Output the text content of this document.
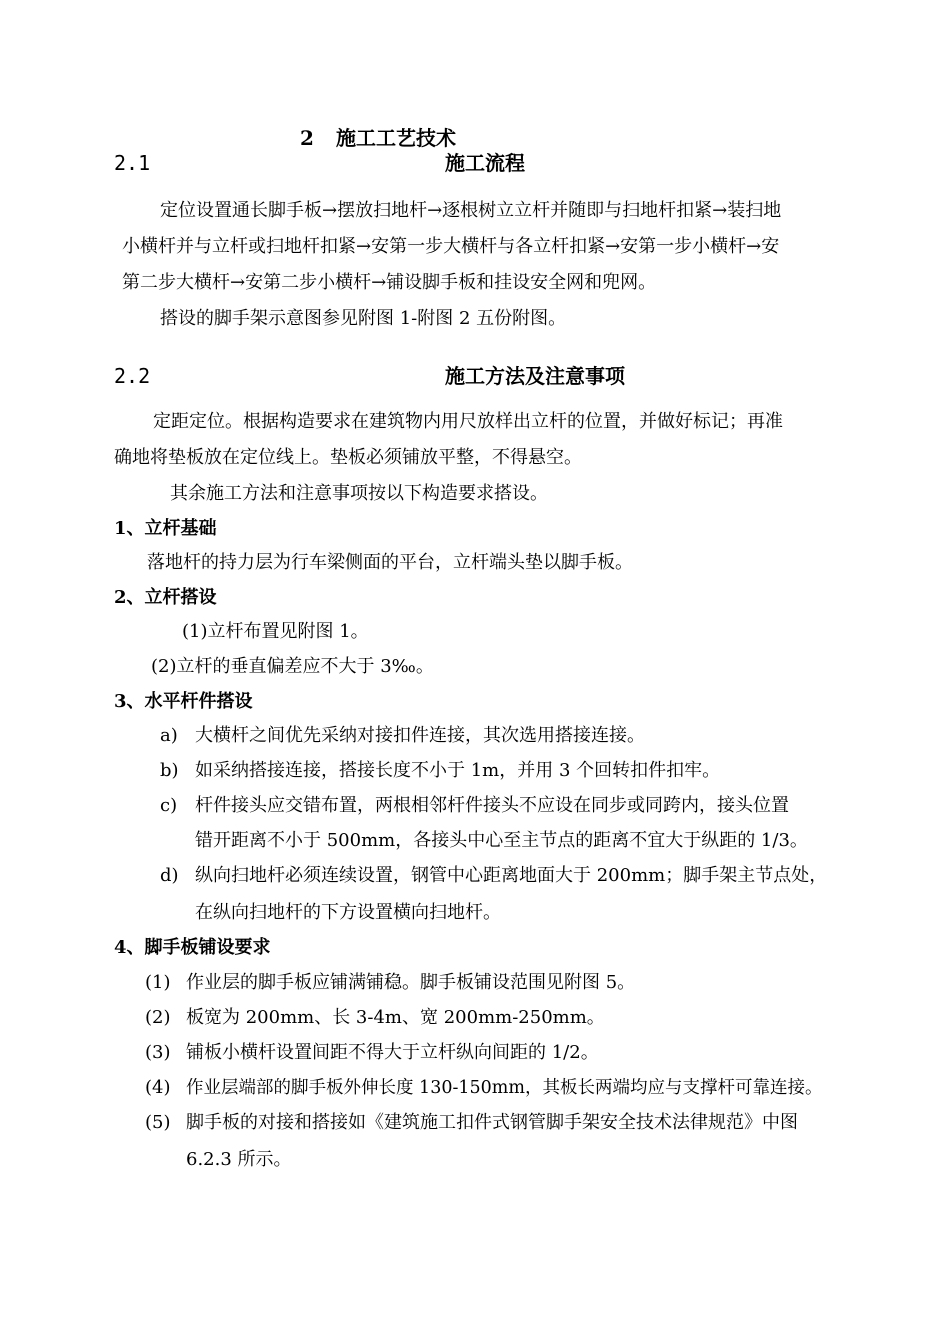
2 施工工艺技术
2.1	施工流程
定位设置通长脚手板→摆放扫地杆→逐根树立立杆并随即与扫地杆扣紧→装扫地
小横杆并与立杆或扫地杆扣紧→安第一步大横杆与各立杆扣紧→安第一步小横杆→安
第二步大横杆→安第二步小横杆→铺设脚手板和挂设安全网和兜网。
搭设的脚手架示意图参见附图 1-附图 2 五份附图。
2.2	施工方法及注意事项
定距定位。根据构造要求在建筑物内用尺放样出立杆的位置，并做好标记；再准
确地将垫板放在定位线上。垫板必须铺放平整，不得悬空。
其余施工方法和注意事项按以下构造要求搭设。
1、立杆基础
落地杆的持力层为行车梁侧面的平台，立杆端头垫以脚手板。
2、立杆搭设
(1)立杆布置见附图 1。
(2)立杆的垂直偏差应不大于 3‰。
3、水平杆件搭设
a) 大横杆之间优先采纳对接扣件连接，其次选用搭接连接。
b) 如采纳搭接连接，搭接长度不小于 1m，并用 3 个回转扣件扣牢。
c) 杆件接头应交错布置，两根相邻杆件接头不应设在同步或同跨内，接头位置
错开距离不小于 500mm，各接头中心至主节点的距离不宜大于纵距的 1/3。
d) 纵向扫地杆必须连续设置，钢管中心距离地面大于 200mm；脚手架主节点处，
在纵向扫地杆的下方设置横向扫地杆。
4、脚手板铺设要求
(1) 作业层的脚手板应铺满铺稳。脚手板铺设范围见附图 5。
(2) 板宽为 200mm、长 3-4m、宽 200mm-250mm。
(3) 铺板小横杆设置间距不得大于立杆纵向间距的 1/2。
(4) 作业层端部的脚手板外伸长度 130-150mm，其板长两端均应与支撑杆可靠连接。
(5) 脚手板的对接和搭接如《建筑施工扣件式钢管脚手架安全技术法律规范》中图
6.2.3 所示。
